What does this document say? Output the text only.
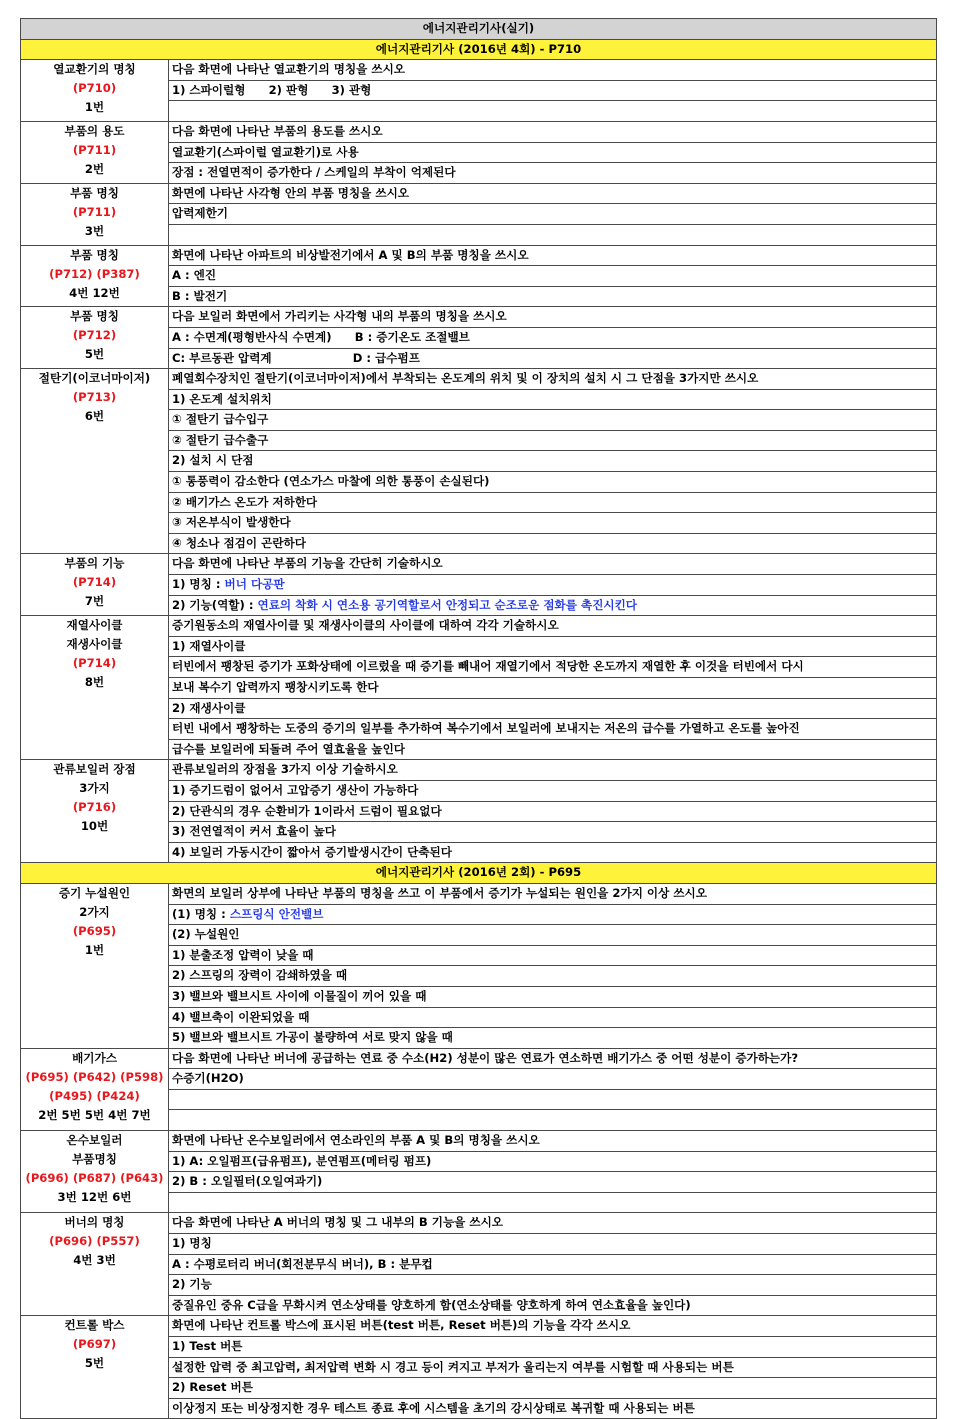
에너지관리기사(실기)	
에너지관리기사 (2016년 4회) - P710	

열교환기의 명칭
(P710)
1번	다음 화면에 나타난 열교환기의 명칭을 쓰시오
	1) 스파이럴형　　2) 판형　　3) 관형

부품의 용도
(P711)
2번	다음 화면에 나타난 부품의 용도를 쓰시오
	열교환기(스파이럴 열교환기)로 사용
	장점 : 전열면적이 증가한다 / 스케일의 부착이 억제된다

부품 명칭
(P711)
3번	화면에 나타난 사각형 안의 부품 명칭을 쓰시오
	압력제한기

부품 명칭
(P712) (P387)
4번 12번	화면에 나타난 아파트의 비상발전기에서 A 및 B의 부품 명칭을 쓰시오
	A : 엔진
	B : 발전기

부품 명칭
(P712)
5번	다음 보일러 화면에서 가리키는 사각형 내의 부품의 명칭을 쓰시오
	A : 수면계(평형반사식 수면계)　　B : 증기온도 조절밸브
	C: 부르동관 압력계　　　　　　　D : 급수펌프

절탄기(이코너마이저)
(P713)
6번	폐열회수장치인 절탄기(이코너마이저)에서 부착되는 온도계의 위치 및 이 장치의 설치 시 그 단점을 3가지만 쓰시오
	1) 온도계 설치위치
	① 절탄기 급수입구
	② 절탄기 급수출구
	2) 설치 시 단점
	① 통풍력이 감소한다 (연소가스 마찰에 의한 통풍이 손실된다)
	② 배기가스 온도가 저하한다
	③ 저온부식이 발생한다
	④ 청소나 점검이 곤란하다

부품의 기능
(P714)
7번	다음 화면에 나타난 부품의 기능을 간단히 기술하시오
	1) 명칭 : 버너 다공판
	2) 기능(역할) : 연료의 착화 시 연소용 공기역할로서 안정되고 순조로운 점화를 촉진시킨다

재열사이클
재생사이클
(P714)
8번	증기원동소의 재열사이클 및 재생사이클의 사이클에 대하여 각각 기술하시오
	1) 재열사이클
	터빈에서 팽창된 증기가 포화상태에 이르렀을 때 증기를 빼내어 재열기에서 적당한 온도까지 재열한 후 이것을 터빈에서 다시
	보내 복수기 압력까지 팽창시키도록 한다
	2) 재생사이클
	터빈 내에서 팽창하는 도중의 증기의 일부를 추가하여 복수기에서 보일러에 보내지는 저온의 급수를 가열하고 온도를 높아진
	급수를 보일러에 되돌려 주어 열효율을 높인다

관류보일러 장점
3가지
(P716)
10번	관류보일러의 장점을 3가지 이상 기술하시오
	1) 증기드럼이 없어서 고압증기 생산이 가능하다
	2) 단관식의 경우 순환비가 1이라서 드럼이 필요없다
	3) 전연열적이 커서 효율이 높다
	4) 보일러 가동시간이 짧아서 증기발생시간이 단축된다
에너지관리기사 (2016년 2회) - P695	

증기 누설원인
2가지
(P695)
1번	화면의 보일러 상부에 나타난 부품의 명칭을 쓰고 이 부품에서 증기가 누설되는 원인을 2가지 이상 쓰시오
	(1) 명칭 : 스프링식 안전밸브
	(2) 누설원인
	1) 분출조정 압력이 낮을 때
	2) 스프링의 장력이 감쇄하였을 때
	3) 밸브와 밸브시트 사이에 이물질이 끼어 있을 때
	4) 밸브축이 이완되었을 때
	5) 밸브와 밸브시트 가공이 불량하여 서로 맞지 않을 때

배기가스
(P695) (P642) (P598)
(P495) (P424)
2번 5번 5번 4번 7번	다음 화면에 나타난 버너에 공급하는 연료 중 수소(H2) 성분이 많은 연료가 연소하면 배기가스 중 어떤 성분이 증가하는가?
	수증기(H2O)

온수보일러
부품명칭
(P696) (P687) (P643)
3번 12번 6번	화면에 나타난 온수보일러에서 연소라인의 부품 A 및 B의 명칭을 쓰시오
	1) A: 오일펌프(급유펌프), 분연펌프(메터링 펌프)
	2) B : 오일필터(오일여과기)

버너의 명칭
(P696) (P557)
4번 3번	다음 화면에 나타난 A 버너의 명칭 및 그 내부의 B 기능을 쓰시오
	1) 명칭
	A : 수평로터리 버너(회전분무식 버너), B : 분무컵
	2) 기능
	중질유인 중유 C급을 무화시켜 연소상태를 양호하게 함(연소상태를 양호하게 하여 연소효율을 높인다)

컨트롤 박스
(P697)
5번	화면에 나타난 컨트롤 박스에 표시된 버튼(test 버튼, Reset 버튼)의 기능을 각각 쓰시오
	1) Test 버튼
	설정한 압력 중 최고압력, 최저압력 변화 시 경고 등이 켜지고 부저가 울리는지 여부를 시험할 때 사용되는 버튼
	2) Reset 버튼
	이상정지 또는 비상정지한 경우 테스트 종료 후에 시스템을 초기의 강시상태로 복귀할 때 사용되는 버튼
